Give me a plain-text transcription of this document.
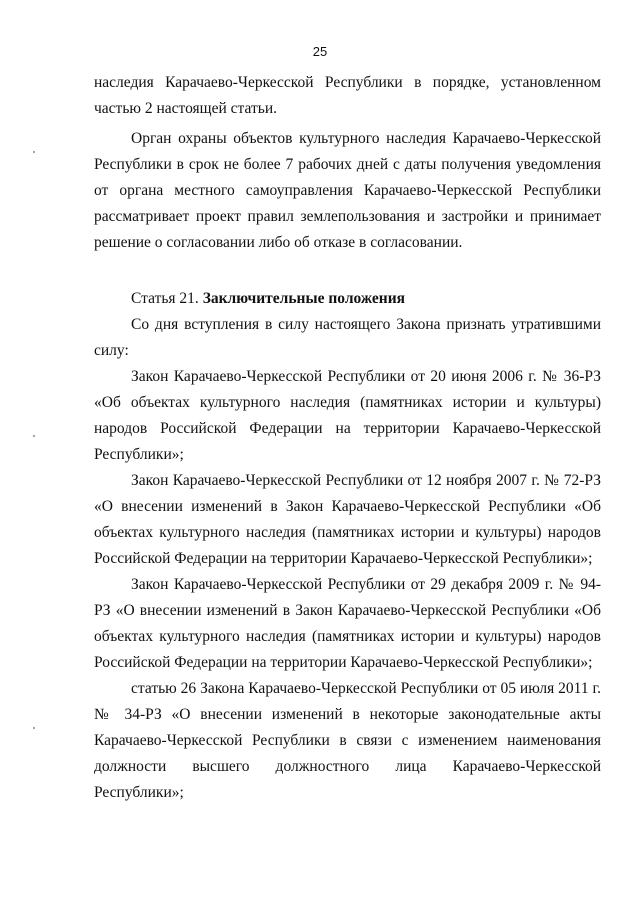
25

наследия Карачаево-Черкесской Республики в порядке, установленном частью 2 настоящей статьи.

Орган охраны объектов культурного наследия Карачаево-Черкесской Республики в срок не более 7 рабочих дней с даты получения уведомления от органа местного самоуправления Карачаево-Черкесской Республики рассматривает проект правил землепользования и застройки и принимает решение о согласовании либо об отказе в согласовании.

Статья 21. Заключительные положения

Со дня вступления в силу настоящего Закона признать утратившими силу:

Закон Карачаево-Черкесской Республики от 20 июня 2006 г. № 36-РЗ «Об объектах культурного наследия (памятниках истории и культуры) народов Российской Федерации на территории Карачаево-Черкесской Республики»;

Закон Карачаево-Черкесской Республики от 12 ноября 2007 г. № 72-РЗ «О внесении изменений в Закон Карачаево-Черкесской Республики «Об объектах культурного наследия (памятниках истории и культуры) народов Российской Федерации на территории Карачаево-Черкесской Республики»;

Закон Карачаево-Черкесской Республики от 29 декабря 2009 г. № 94-РЗ «О внесении изменений в Закон Карачаево-Черкесской Республики «Об объектах культурного наследия (памятниках истории и культуры) народов Российской Федерации на территории Карачаево-Черкесской Республики»;

статью 26 Закона Карачаево-Черкесской Республики от 05 июля 2011 г. № 34-РЗ «О внесении изменений в некоторые законодательные акты Карачаево-Черкесской Республики в связи с изменением наименования должности высшего должностного лица Карачаево-Черкесской Республики»;
